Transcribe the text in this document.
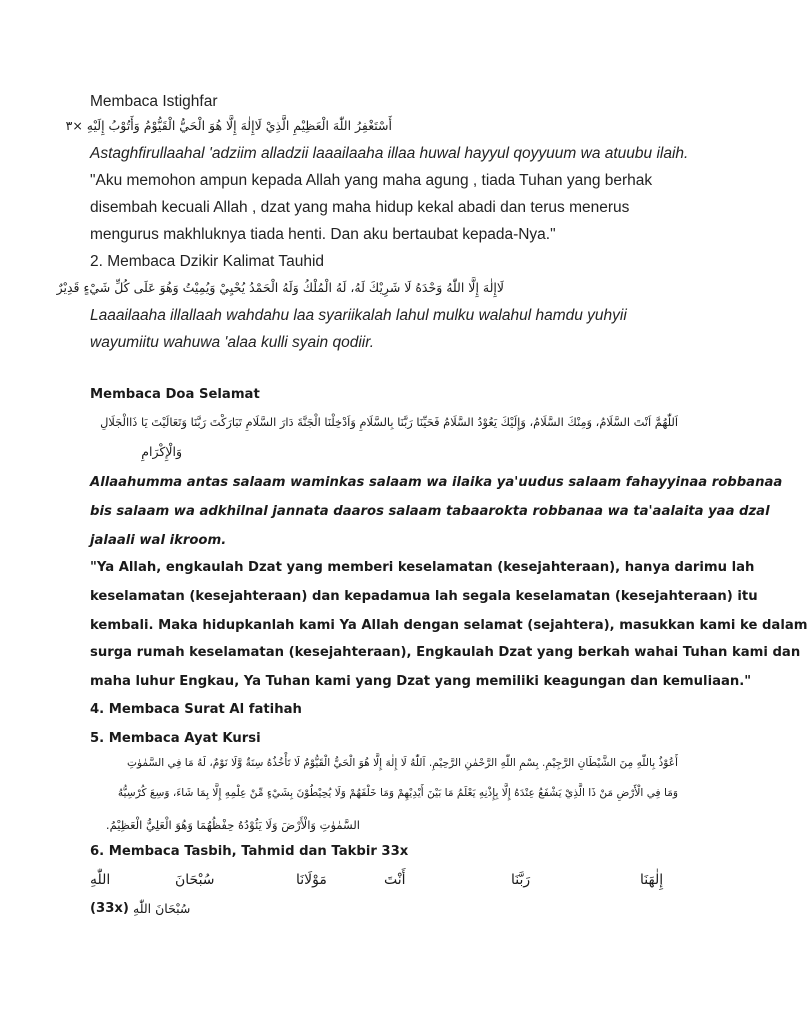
Membaca Istighfar
أَسْتَغْفِرُ اللّٰهَ الْعَظِيْمِ الَّذِيْ لَاإِلٰهَ إِلَّا هُوَ الْحَيُّ الْقَيُّوْمُ وَأَتُوْبُ إِلَيْهِ ×٣
Astaghfirullaahal 'adziim alladzii laaailaaha illaa huwal hayyul qoyyuum wa atuubu ilaih.
"Aku memohon ampun kepada Allah yang maha agung , tiada Tuhan yang berhak
disembah kecuali Allah , dzat yang maha hidup kekal abadi dan terus menerus
mengurus makhluknya tiada henti. Dan aku bertaubat kepada-Nya."
2. Membaca Dzikir Kalimat Tauhid
لَاإِلٰهَ إِلَّا اللّٰهُ وَحْدَهُ لَا شَرِيْكَ لَهُ، لَهُ الْمُلْكُ وَلَهُ الْحَمْدُ يُحْيِيْ وَيُمِيْتُ وَهُوَ عَلَى كُلِّ شَيْءٍ قَدِيْرٌ
Laaailaaha illallaah wahdahu laa syariikalah lahul mulku walahul hamdu yuhyii
wayumiitu wahuwa 'alaa kulli syain qodiir.
Membaca Doa Selamat
اَللّٰهُمَّ اَنْتَ السَّلَامُ، وَمِنْكَ السَّلَامُ، وَإِلَيْكَ يَعُوْدُ السَّلَامُ فَحَيِّنَا رَبَّنَا بِالسَّلَامِ وَاَدْخِلْنَا الْجَنَّةَ دَارَ السَّلَامِ تَبَارَكْتَ رَبَّنَا وَتَعَالَيْتَ يَا ذَاالْجَلَالِ
وَالْإِكْرَامِ
Allaahumma antas salaam waminkas salaam wa ilaika ya'uudus salaam fahayyinaa robbanaa
bis salaam wa adkhilnal jannata daaros salaam tabaarokta robbanaa wa ta'aalaita yaa dzal
jalaali wal ikroom.
"Ya Allah, engkaulah Dzat yang memberi keselamatan (kesejahteraan), hanya darimu lah
keselamatan (kesejahteraan) dan kepadamua lah segala keselamatan (kesejahteraan) itu
kembali. Maka hidupkanlah kami Ya Allah dengan selamat (sejahtera), masukkan kami ke dalam
surga rumah keselamatan (kesejahteraan), Engkaulah Dzat yang berkah wahai Tuhan kami dan
maha luhur Engkau, Ya Tuhan kami yang Dzat yang memiliki keagungan dan kemuliaan."
4. Membaca Surat Al fatihah
5. Membaca Ayat Kursi
أَعُوْذُ بِاللّٰهِ مِنَ الشَّيْطَانِ الرَّجِيْمِ. بِسْمِ اللّٰهِ الرَّحْمٰنِ الرَّحِيْمِ. اَللّٰهُ لَا إِلٰهَ إِلَّا هُوَ الْحَيُّ الْقَيُّوْمُ لَا تَأْخُذُهُ سِنَةٌ وَّلَا نَوْمٌ، لَهُ مَا فِي السَّمٰوٰتِ
وَمَا فِي الْأَرْضِ مَنْ ذَا الَّذِيْ يَشْفَعُ عِنْدَهُ إِلَّا بِإِذْنِهِ يَعْلَمُ مَا بَيْنَ أَيْدِيْهِمْ وَمَا خَلْفَهُمْ وَلَا يُحِيْطُوْنَ بِشَيْءٍ مِّنْ عِلْمِهِ إِلَّا بِمَا شَاءَ، وَسِعَ كُرْسِيُّهُ
السَّمٰوٰتِ وَالْأَرْضَ وَلَا يَئُوْدُهُ حِفْظُهُمَا وَهُوَ الْعَلِيُّ الْعَظِيْمُ.
6. Membaca Tasbih, Tahmid dan Takbir 33x
إِلٰهَنَا
رَبَّنَا
أَنْتَ
مَوْلَانَا
سُبْحَانَ
اللّٰهِ
(33x) سُبْحَانَ اللّٰهِ
